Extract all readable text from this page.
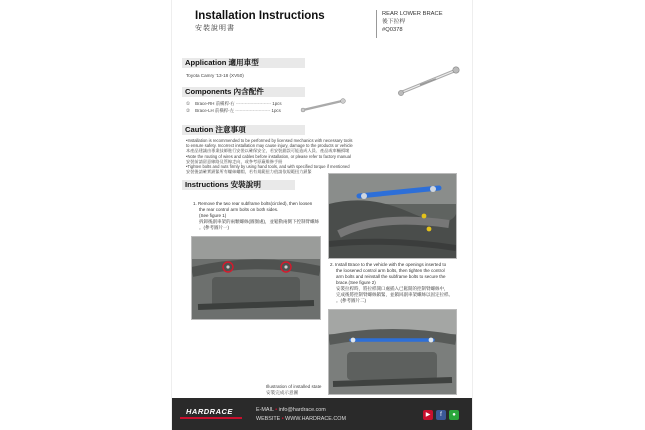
Installation Instructions
安裝說明書
REAR LOWER BRACE
後下拉桿
#Q0378
Application 適用車型
Toyota Camry '13-18 (XV50)
Components 內含配件
① Brace-RH 前橫桿-右 ------------------------ 1pcs
② Brace-LH 前橫桿-左 ------------------------ 1pcs
Caution 注意事項
•Installation is recommended to be performed by licensed mechanics with necessary tools
to ensure safety. Incorrect installation may cause injury, damage to the products or vehicle
本產品建議由專業技師進行安裝以確保安全，若安裝錯誤可能造成人員、產品或車輛損壞
•Note the routing of wires and cables before installation, or please refer to factory manual
安裝前請留意線路及管線走向，或參考原廠維修手冊
•Tighten bolts and nuts firmly by using hand tools, and with specified torque if mentioned
安裝後請確實鎖緊所有螺絲螺帽，若有規範扭力值請依規範扭力鎖緊
Instructions 安裝說明
1. Remove the two rear subframe bolts(circled), then loosen
the rear control arm bolts on both sides.
(See figure 1)
拆卸後副車架的兩顆螺絲(圖圈處)，並鬆動兩側下控制臂螺絲
。(參考圖片一)
2. Install Brace to the vehicle with the openings inserted to
the loosened control arm bolts, then tighten the control
arm bolts and reinstall the subframe bolts to secure the
brace.(See figure 2)
安裝拉桿時，將拉桿開口處插入已鬆開的控制臂螺絲中，
完成後將控制臂螺絲鎖緊，並鎖回副車架螺絲以固定拉桿。
。(參考圖片二)
Illustration of installed state
安裝完成示意圖
HARDRACE	E-MAIL • info@hardrace.com
WEBSITE • WWW.HARDRACE.COM
▶	f	●
